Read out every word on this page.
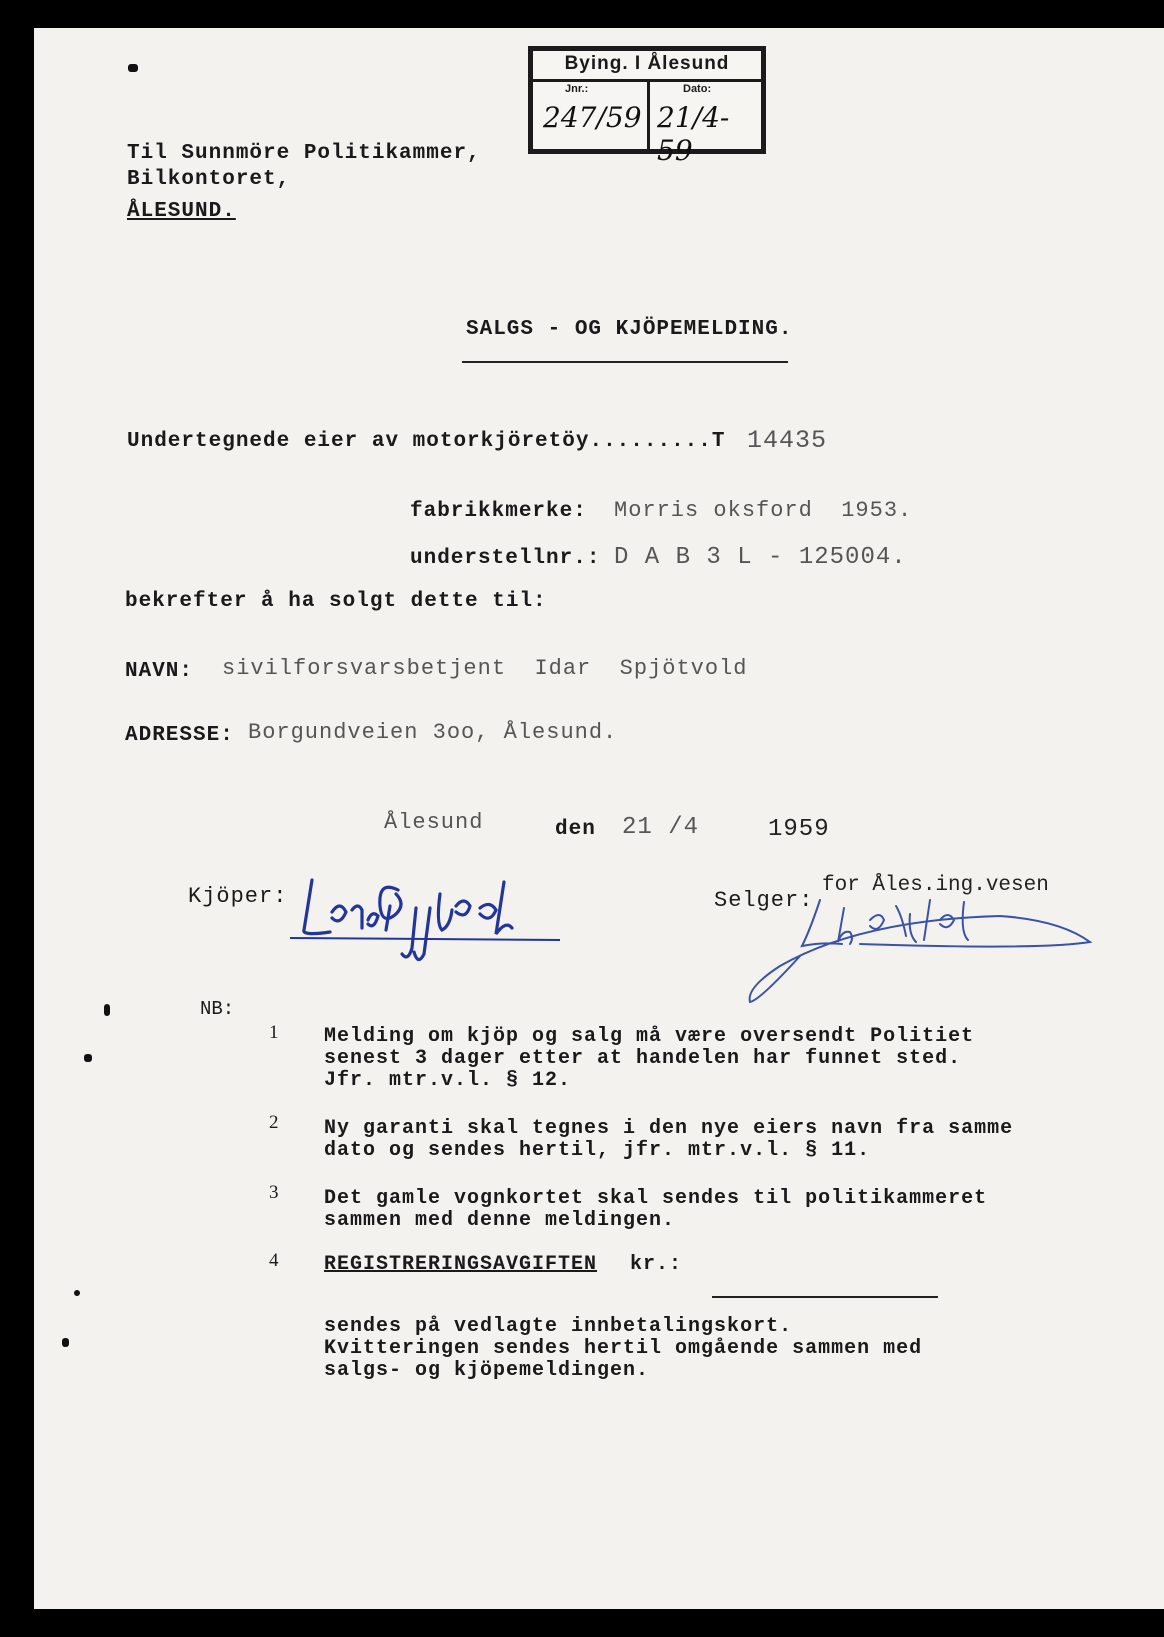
Bying. I Ålesund
Jnr.:	Dato:
247/59 21/4-59
Til Sunnmöre Politikammer,
Bilkontoret,
ÅLESUND.
SALGS - OG KJÖPEMELDING.
Undertegnede eier av motorkjöretöy.........T 14435
fabrikkmerke: Morris oksford  1953.
understellnr.: D A B 3 L - 125004.
bekrefter å ha solgt dette til:
NAVN: sivilforsvarsbetjent  Idar  Spjötvold
ADRESSE: Borgundveien 3oo, Ålesund.
Ålesund	den 21 /4	1959
Kjöper:
Idar Spjötvold
Selger:
for Åles.ing.vesen
NB:
1 Melding om kjöp og salg må være oversendt Politiet
senest 3 dager etter at handelen har funnet sted.
Jfr. mtr.v.l. § 12.
2 Ny garanti skal tegnes i den nye eiers navn fra samme
dato og sendes hertil, jfr. mtr.v.l. § 11.
3 Det gamle vognkortet skal sendes til politikammeret
sammen med denne meldingen.
4 REGISTRERINGSAVGIFTEN kr.:
sendes på vedlagte innbetalingskort.
Kvitteringen sendes hertil omgående sammen med
salgs- og kjöpemeldingen.
